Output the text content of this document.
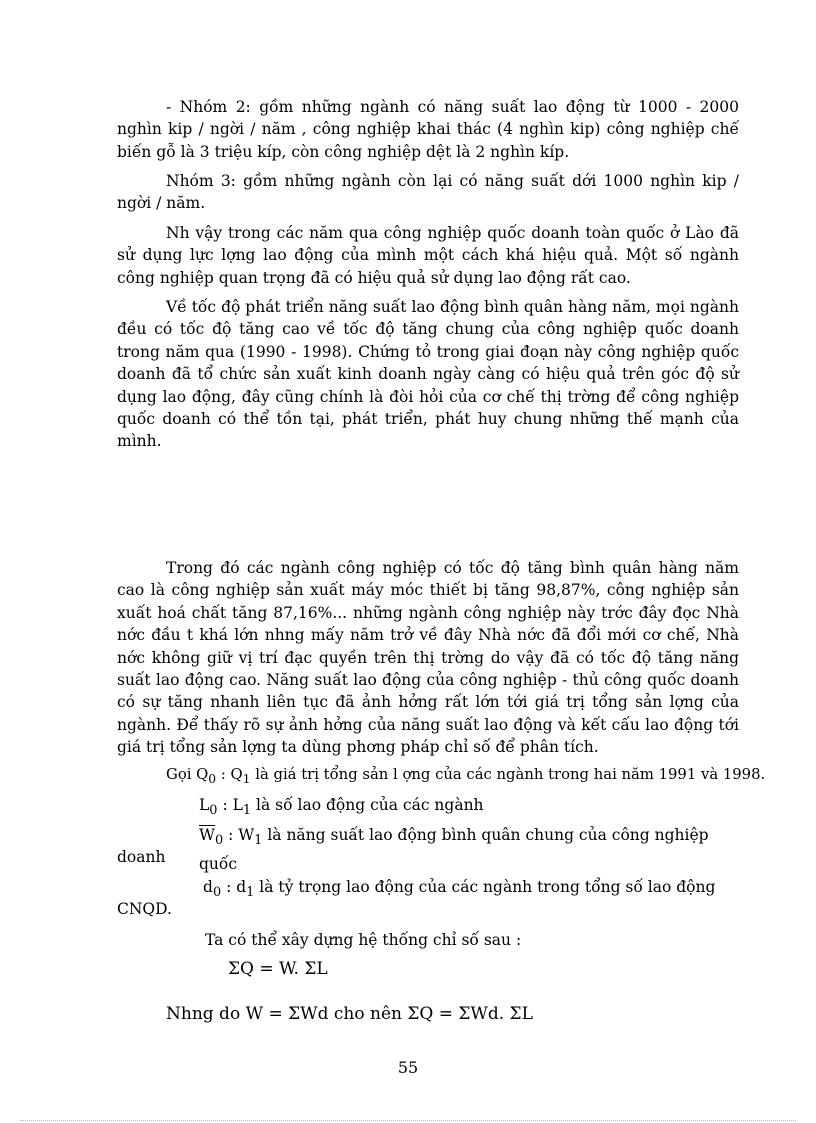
- Nhóm 2: gồm những ngành có năng suất lao động từ 1000 - 2000 nghìn kip / ngời / năm , công nghiệp khai thác (4 nghìn kip) công nghiệp chế biến gỗ là 3 triệu kíp, còn công nghiệp dệt là 2 nghìn kíp.

Nhóm 3: gồm những ngành còn lại có năng suất dới 1000 nghìn kip / ngời / năm.

Nh vậy trong các năm qua công nghiệp quốc doanh toàn quốc ở Lào đã sử dụng lực lợng lao động của mình một cách khá hiệu quả. Một số ngành công nghiệp quan trọng đã có hiệu quả sử dụng lao động rất cao.

Về tốc độ phát triển năng suất lao động bình quân hàng năm, mọi ngành đều có tốc độ tăng cao về tốc độ tăng chung của công nghiệp quốc doanh trong năm qua (1990 - 1998). Chứng tỏ trong giai đoạn này công nghiệp quốc doanh đã tổ chức sản xuất kinh doanh ngày càng có hiệu quả trên góc độ sử dụng lao động, đây cũng chính là đòi hỏi của cơ chế thị trờng để công nghiệp quốc doanh có thể tồn tại, phát triển, phát huy chung những thế mạnh của mình.

Trong đó các ngành công nghiệp có tốc độ tăng bình quân hàng năm cao là công nghiệp sản xuất máy móc thiết bị tăng 98,87%, công nghiệp sản xuất hoá chất tăng 87,16%... những ngành công nghiệp này trớc đây đọc Nhà nớc đầu t khá lớn nhng mấy năm trở về đây Nhà nớc đã đổi mới cơ chế, Nhà nớc không giữ vị trí đạc quyền trên thị trờng do vậy đã có tốc độ tăng năng suất lao động cao. Năng suất lao động của công nghiệp - thủ công quốc doanh có sự tăng nhanh liên tục đã ảnh hởng rất lớn tới giá trị tổng sản lợng của ngành. Để thấy rõ sự ảnh hởng của năng suất lao động và kết cấu lao động tới giá trị tổng sản lợng ta dùng phơng pháp chỉ số để phân tích.

Gọi $Q_0$ : $Q_1$ là giá trị tổng sản l ợng của các ngành trong hai năm 1991 và 1998.
$L_0$ : $L_1$ là số lao động của các ngành
$\overline{W}_0$ : $W_1$ là năng suất lao động bình quân chung của công nghiệp quốc
doanh
$d_0$ : $d_1$ là tỷ trọng lao động của các ngành trong tổng số lao động
CNQD.
Ta có thể xây dựng hệ thống chỉ số sau :
ΣQ = W. ΣL
Nhng do W = ΣWd cho nên ΣQ = ΣWd. ΣL
55
